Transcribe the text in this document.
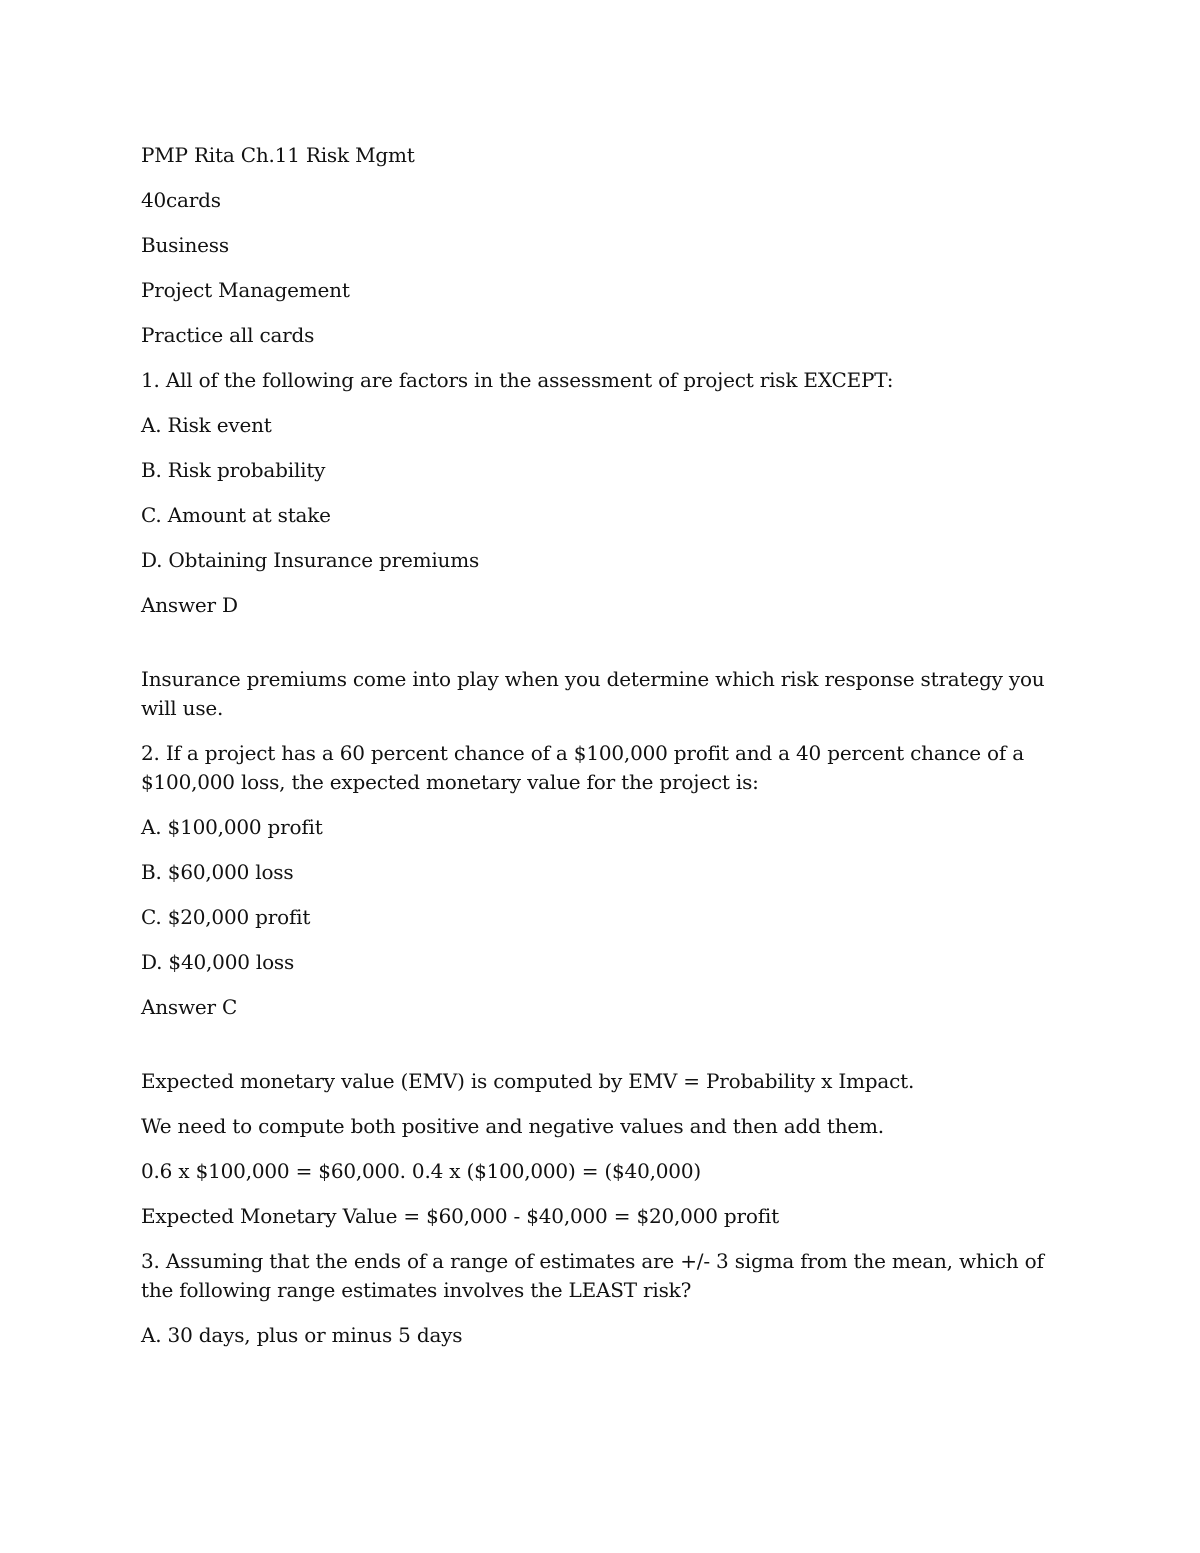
PMP Rita Ch.11 Risk Mgmt

40cards

Business

Project Management

Practice all cards

1. All of the following are factors in the assessment of project risk EXCEPT:

A. Risk event

B. Risk probability

C. Amount at stake

D. Obtaining Insurance premiums

Answer D

Insurance premiums come into play when you determine which risk response strategy you will use.

2. If a project has a 60 percent chance of a $100,000 profit and a 40 percent chance of a $100,000 loss, the expected monetary value for the project is:

A. $100,000 profit

B. $60,000 loss

C. $20,000 profit

D. $40,000 loss

Answer C

Expected monetary value (EMV) is computed by EMV = Probability x Impact.

We need to compute both positive and negative values and then add them.

0.6 x $100,000 = $60,000. 0.4 x ($100,000) = ($40,000)

Expected Monetary Value = $60,000 - $40,000 = $20,000 profit

3. Assuming that the ends of a range of estimates are +/- 3 sigma from the mean, which of the following range estimates involves the LEAST risk?

A. 30 days, plus or minus 5 days
